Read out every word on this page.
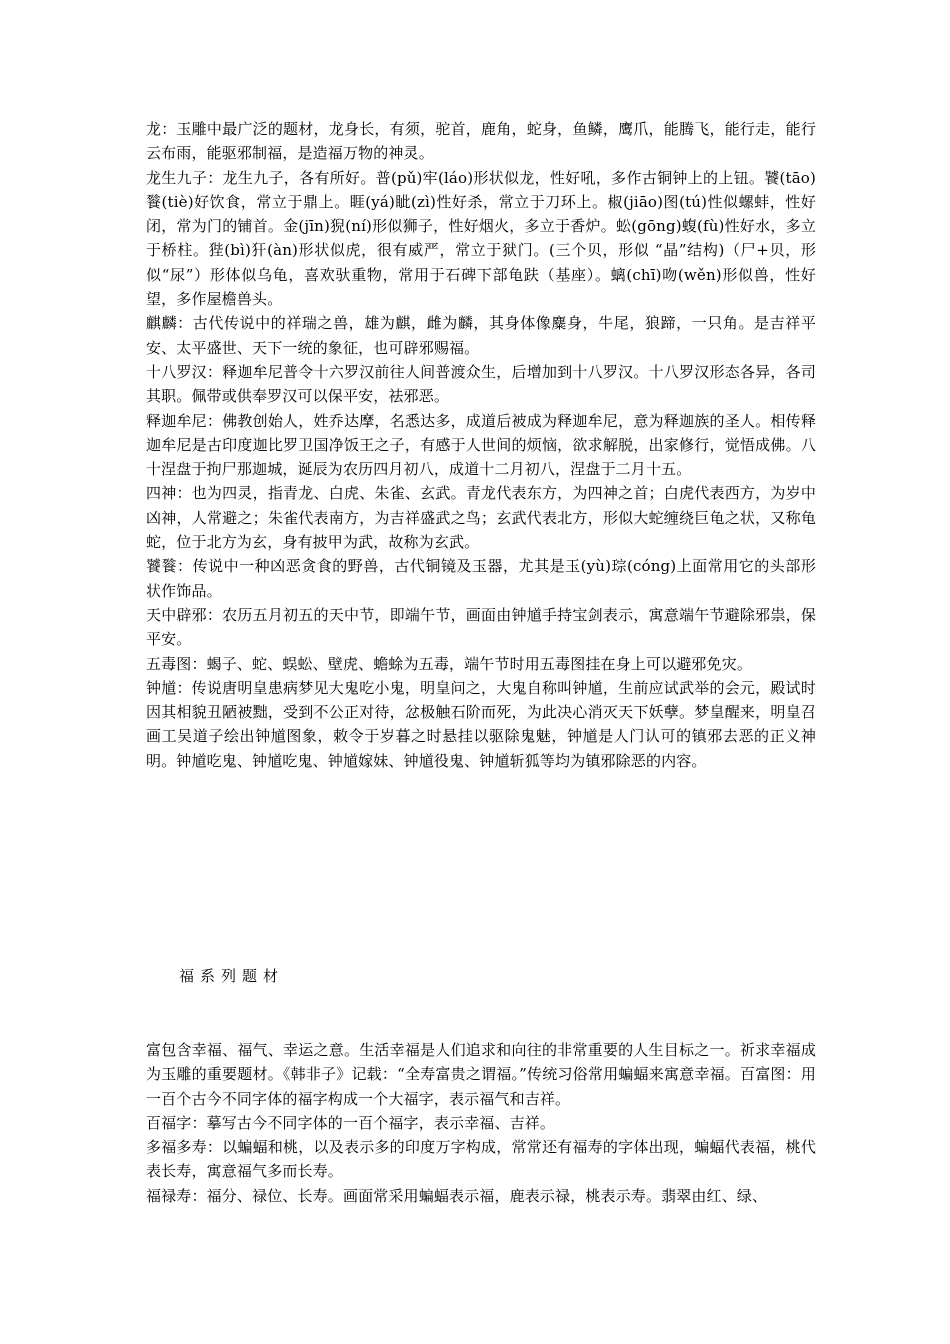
龙：玉雕中最广泛的题材，龙身长，有须，驼首，鹿角，蛇身，鱼鳞，鹰爪，能腾飞，能行走，能行云布雨，能驱邪制福，是造福万物的神灵。

龙生九子：龙生九子，各有所好。普(pǔ)牢(láo)形状似龙，性好吼，多作古铜钟上的上钮。饕(tāo)餮(tiè)好饮食，常立于鼎上。睚(yá)眦(zì)性好杀，常立于刀环上。椒(jiāo)图(tú)性似螺蚌，性好闭，常为门的铺首。金(jīn)猊(ní)形似狮子，性好烟火，多立于香炉。蚣(gōng)蝮(fù)性好水，多立于桥柱。狴(bì)犴(àn)形状似虎，很有威严，常立于狱门。(三个贝，形似 “晶”结构)（尸+贝，形似“尿”）形体似乌龟，喜欢驮重物，常用于石碑下部龟趺（基座）。螭(chī)吻(wěn)形似兽，性好望，多作屋檐兽头。

麒麟：古代传说中的祥瑞之兽，雄为麒，雌为麟，其身体像麋身，牛尾，狼蹄，一只角。是吉祥平安、太平盛世、天下一统的象征，也可辟邪赐福。

十八罗汉：释迦牟尼普令十六罗汉前往人间普渡众生，后增加到十八罗汉。十八罗汉形态各异，各司其职。佩带或供奉罗汉可以保平安，祛邪恶。

释迦牟尼：佛教创始人，姓乔达摩，名悉达多，成道后被成为释迦牟尼，意为释迦族的圣人。相传释迦牟尼是古印度迦比罗卫国净饭王之子，有感于人世间的烦恼，欲求解脱，出家修行，觉悟成佛。八十涅盘于拘尸那迦城，诞辰为农历四月初八，成道十二月初八，涅盘于二月十五。

四神：也为四灵，指青龙、白虎、朱雀、玄武。青龙代表东方，为四神之首；白虎代表西方，为岁中凶神，人常避之；朱雀代表南方，为吉祥盛武之鸟；玄武代表北方，形似大蛇缠绕巨龟之状，又称龟蛇，位于北方为玄，身有披甲为武，故称为玄武。

饕餮：传说中一种凶恶贪食的野兽，古代铜镜及玉器，尤其是玉(yù)琮(cóng)上面常用它的头部形状作饰品。

天中辟邪：农历五月初五的天中节，即端午节，画面由钟馗手持宝剑表示，寓意端午节避除邪祟，保平安。

五毒图：蝎子、蛇、蜈蚣、壁虎、蟾蜍为五毒，端午节时用五毒图挂在身上可以避邪免灾。

钟馗：传说唐明皇患病梦见大鬼吃小鬼，明皇问之，大鬼自称叫钟馗，生前应试武举的会元，殿试时因其相貌丑陋被黜，受到不公正对待，忿极触石阶而死，为此决心消灭天下妖孽。梦皇醒来，明皇召画工吴道子绘出钟馗图象，敕令于岁暮之时悬挂以驱除鬼魅，钟馗是人门认可的镇邪去恶的正义神明。钟馗吃鬼、钟馗吃鬼、钟馗嫁妹、钟馗役鬼、钟馗斩狐等均为镇邪除恶的内容。

福系列题材

富包含幸福、福气、幸运之意。生活幸福是人们追求和向往的非常重要的人生目标之一。祈求幸福成为玉雕的重要题材。《韩非子》记载：“全寿富贵之谓福。”传统习俗常用蝙蝠来寓意幸福。百富图：用一百个古今不同字体的福字构成一个大福字，表示福气和吉祥。

百福字：摹写古今不同字体的一百个福字，表示幸福、吉祥。

多福多寿：以蝙蝠和桃，以及表示多的印度万字构成，常常还有福寿的字体出现，蝙蝠代表福，桃代表长寿，寓意福气多而长寿。

福禄寿：福分、禄位、长寿。画面常采用蝙蝠表示福，鹿表示禄，桃表示寿。翡翠由红、绿、
